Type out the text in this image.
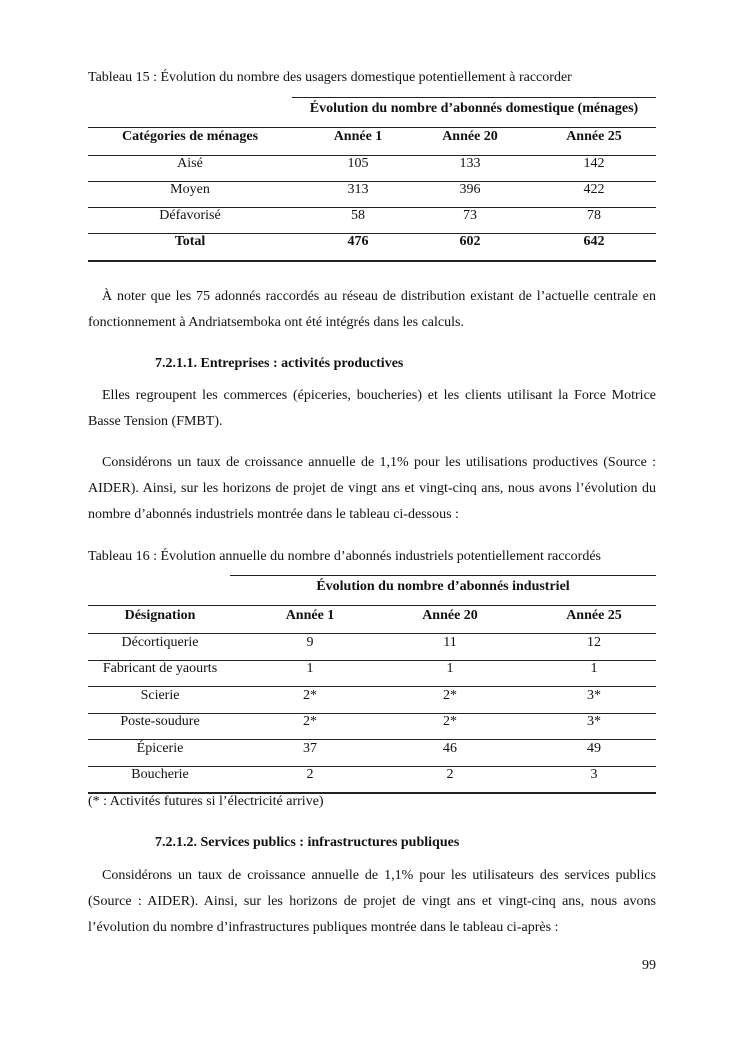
Tableau 15 : Évolution du nombre des usagers domestique potentiellement à raccorder
Évolution du nombre d’abonnés domestique (ménages)
Catégories de ménages	Année 1	Année 20	Année 25
Aisé	105	133	142
Moyen	313	396	422
Défavorisé	58	73	78
Total	476	602	642
À noter que les 75 adonnés raccordés au réseau de distribution existant de l’actuelle centrale en fonctionnement à Andriatsemboka ont été intégrés dans les calculs.
7.2.1.1. Entreprises : activités productives
Elles regroupent les commerces (épiceries, boucheries) et les clients utilisant la Force Motrice Basse Tension (FMBT).
Considérons un taux de croissance annuelle de 1,1% pour les utilisations productives (Source : AIDER). Ainsi, sur les horizons de projet de vingt ans et vingt-cinq ans, nous avons l’évolution du nombre d’abonnés industriels montrée dans le tableau ci-dessous :
Tableau 16 : Évolution annuelle du nombre d’abonnés industriels potentiellement raccordés
Évolution du nombre d’abonnés industriel
Désignation	Année 1	Année 20	Année 25
Décortiquerie	9	11	12
Fabricant de yaourts	1	1	1
Scierie	2*	2*	3*
Poste-soudure	2*	2*	3*
Épicerie	37	46	49
Boucherie	2	2	3
(* : Activités futures si l’électricité arrive)
7.2.1.2. Services publics : infrastructures publiques
Considérons un taux de croissance annuelle de 1,1% pour les utilisateurs des services publics (Source : AIDER). Ainsi, sur les horizons de projet de vingt ans et vingt-cinq ans, nous avons l’évolution du nombre d’infrastructures publiques montrée dans le tableau ci-après :
99
